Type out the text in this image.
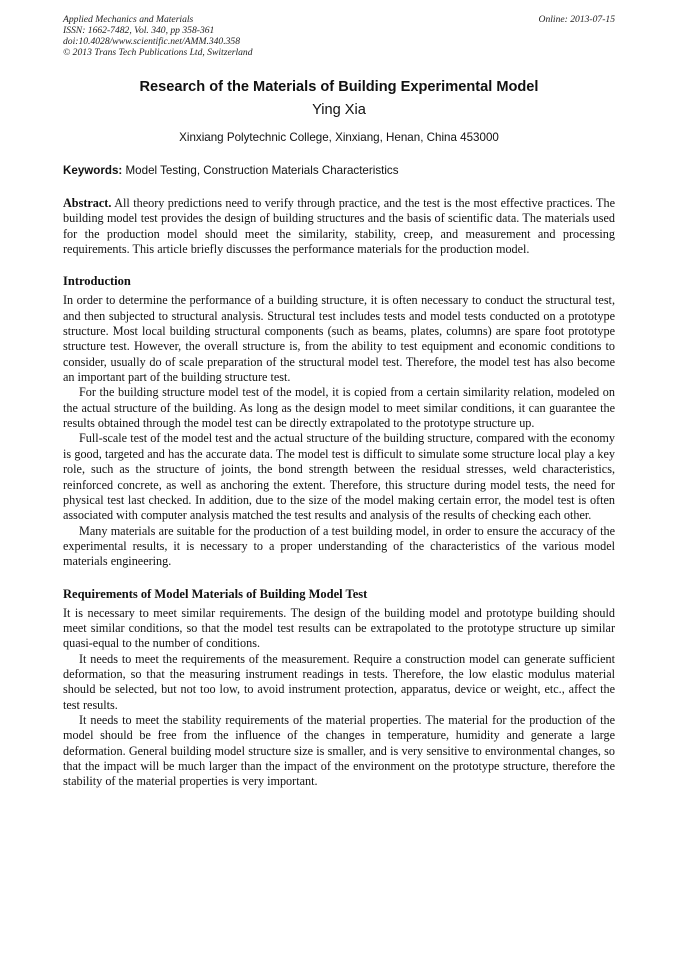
Applied Mechanics and Materials
ISSN: 1662-7482, Vol. 340, pp 358-361
doi:10.4028/www.scientific.net/AMM.340.358
© 2013 Trans Tech Publications Ltd, Switzerland
Online: 2013-07-15
Research of the Materials of Building Experimental Model
Ying Xia
Xinxiang Polytechnic College, Xinxiang, Henan, China 453000
Keywords: Model Testing, Construction Materials Characteristics
Abstract. All theory predictions need to verify through practice, and the test is the most effective practices. The building model test provides the design of building structures and the basis of scientific data. The materials used for the production model should meet the similarity, stability, creep, and measurement and processing requirements. This article briefly discusses the performance materials for the production model.
Introduction

In order to determine the performance of a building structure, it is often necessary to conduct the structural test, and then subjected to structural analysis. Structural test includes tests and model tests conducted on a prototype structure. Most local building structural components (such as beams, plates, columns) are spare foot prototype structure test. However, the overall structure is, from the ability to test equipment and economic conditions to consider, usually do of scale preparation of the structural model test. Therefore, the model test has also become an important part of the building structure test.

For the building structure model test of the model, it is copied from a certain similarity relation, modeled on the actual structure of the building. As long as the design model to meet similar conditions, it can guarantee the results obtained through the model test can be directly extrapolated to the prototype structure up.

Full-scale test of the model test and the actual structure of the building structure, compared with the economy is good, targeted and has the accurate data. The model test is difficult to simulate some structure local play a key role, such as the structure of joints, the bond strength between the residual stresses, weld characteristics, reinforced concrete, as well as anchoring the extent. Therefore, this structure during model tests, the need for physical test last checked. In addition, due to the size of the model making certain error, the model test is often associated with computer analysis matched the test results and analysis of the results of checking each other.

Many materials are suitable for the production of a test building model, in order to ensure the accuracy of the experimental results, it is necessary to a proper understanding of the characteristics of the various model materials engineering.

Requirements of Model Materials of Building Model Test

It is necessary to meet similar requirements. The design of the building model and prototype building should meet similar conditions, so that the model test results can be extrapolated to the prototype structure up similar quasi-equal to the number of conditions.

It needs to meet the requirements of the measurement. Require a construction model can generate sufficient deformation, so that the measuring instrument readings in tests. Therefore, the low elastic modulus material should be selected, but not too low, to avoid instrument protection, apparatus, device or weight, etc., affect the test results.

It needs to meet the stability requirements of the material properties. The material for the production of the model should be free from the influence of the changes in temperature, humidity and generate a large deformation. General building model structure size is smaller, and is very sensitive to environmental changes, so that the impact will be much larger than the impact of the environment on the prototype structure, therefore the stability of the material properties is very important.
